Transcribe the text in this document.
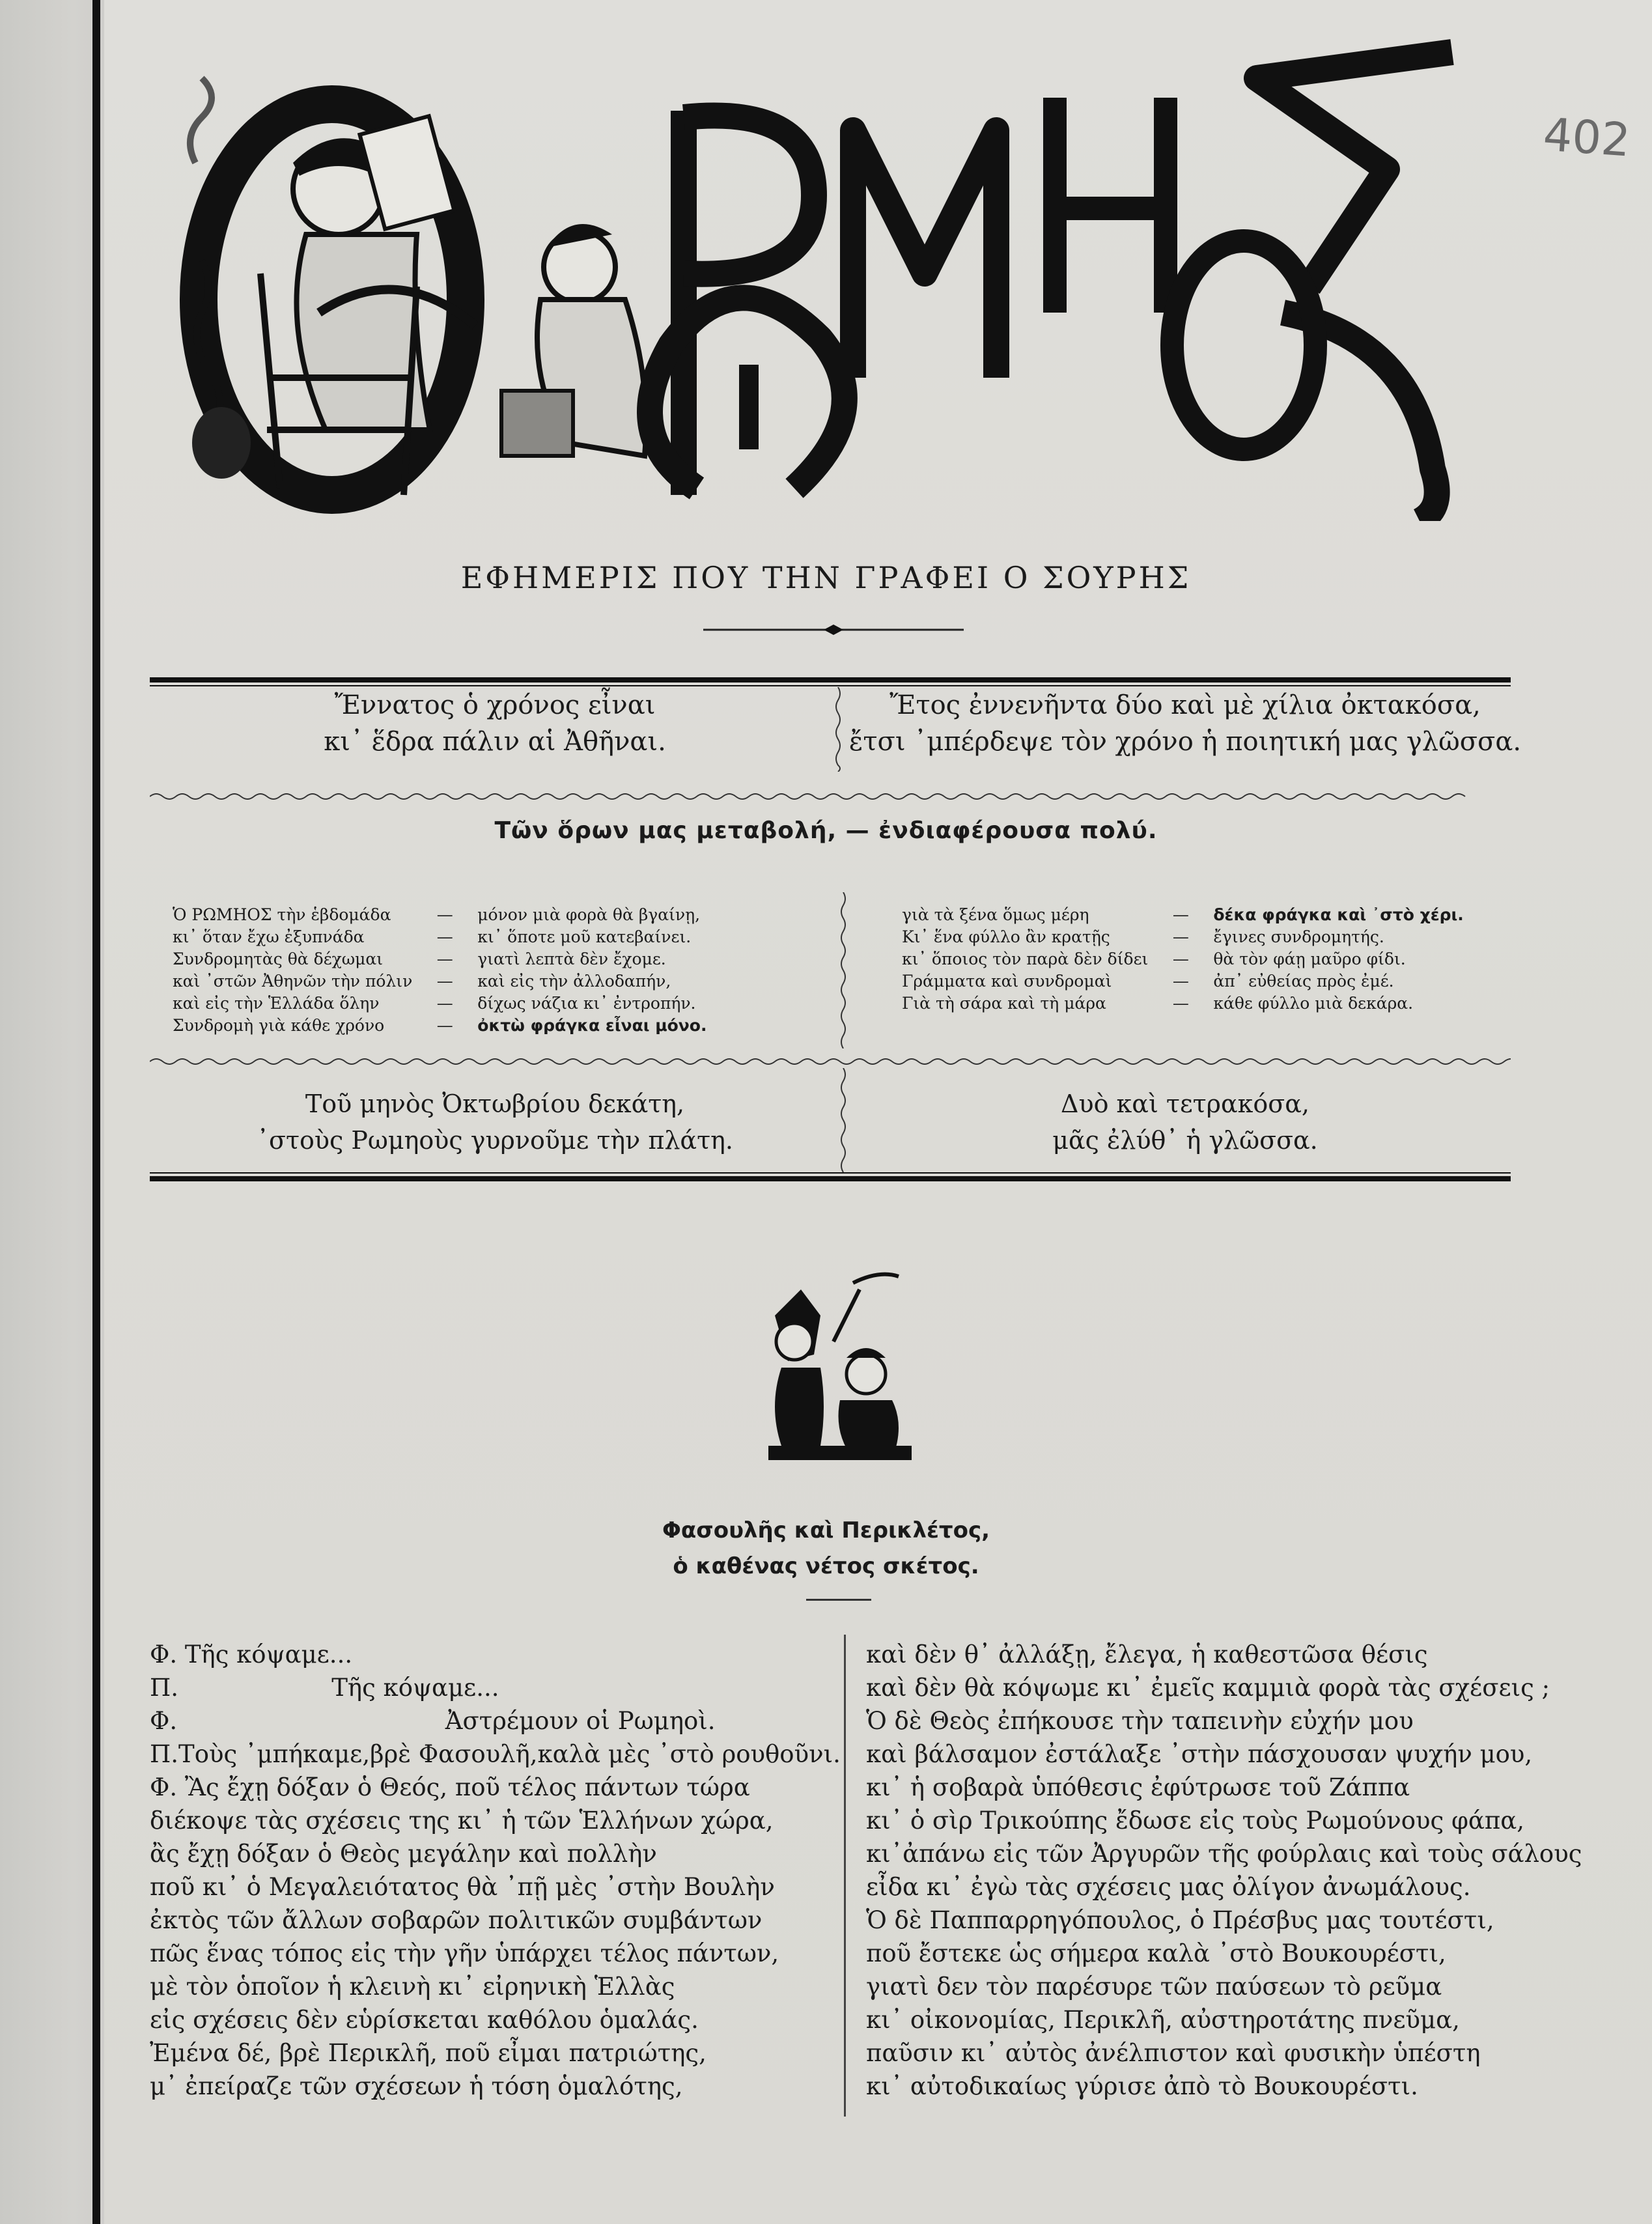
402
ΕΦΗΜΕΡΙΣ ΠΟΥ ΤΗΝ ΓΡΑΦΕΙ Ο ΣΟΥΡΗΣ
Ἔννατος ὁ χρόνος εἶναι
κι᾽ ἕδρα πάλιν αἱ Ἀθῆναι.
Ἔτος ἐννενῆντα δύο καὶ μὲ χίλια ὀκτακόσα,
ἔτσι ᾽μπέρδεψε τὸν χρόνο ἡ ποιητική μας γλῶσσα.
Τῶν ὅρων μας μεταβολή, — ἐνδιαφέρουσα πολύ.
Ὁ ΡΩΜΗΟΣ τὴν ἑβδομάδα	—	μόνον μιὰ φορὰ θὰ βγαίνῃ,
κι᾽ ὅταν ἔχω ἐξυπνάδα	—	κι᾽ ὅποτε μοῦ κατεβαίνει.
Συνδρομητὰς θὰ δέχωμαι	—	γιατὶ λεπτὰ δὲν ἔχομε.
καὶ ᾽στῶν Ἀθηνῶν τὴν πόλιν	—	καὶ εἰς τὴν ἀλλοδαπήν,
καὶ εἰς τὴν Ἑλλάδα ὅλην	—	δίχως νάζια κι᾽ ἐντροπήν.
Συνδρομὴ γιὰ κάθε χρόνο	—	ὀκτὼ φράγκα εἶναι μόνο.
γιὰ τὰ ξένα ὅμως μέρη	—	δέκα φράγκα καὶ ᾽στὸ χέρι.
Κι᾽ ἕνα φύλλο ἂν κρατῇς	—	ἔγινες συνδρομητής.
κι᾽ ὅποιος τὸν παρὰ δὲν δίδει	—	θὰ τὸν φάῃ μαῦρο φίδι.
Γράμματα καὶ συνδρομαὶ	—	ἀπ᾽ εὐθείας πρὸς ἐμέ.
Γιὰ τὴ σάρα καὶ τὴ μάρα	—	κάθε φύλλο μιὰ δεκάρα.
Τοῦ μηνὸς Ὀκτωβρίου δεκάτη,
᾽στοὺς Ρωμηοὺς γυρνοῦμε τὴν πλάτη.
Δυὸ καὶ τετρακόσα,
μᾶς ἐλύθ᾽ ἡ γλῶσσα.
Φασουλῆς καὶ Περικλέτος,
ὁ καθένας νέτος σκέτος.
Φ. Τῆς κόψαμε...
Π.                    Τῆς κόψαμε...
Φ.                                   Ἀστρέμουν οἱ Ρωμηοὶ.
Π.Τοὺς ᾽μπήκαμε,βρὲ Φασουλῆ,καλὰ μὲς ᾽στὸ ρουθοῦνι.
Φ. Ἂς ἔχῃ δόξαν ὁ Θεός, ποῦ τέλος πάντων τώρα
διέκοψε τὰς σχέσεις της κι᾽ ἡ τῶν Ἑλλήνων χώρα,
ἂς ἔχῃ δόξαν ὁ Θεὸς μεγάλην καὶ πολλὴν
ποῦ κι᾽ ὁ Μεγαλειότατος θὰ ᾽πῇ μὲς ᾽στὴν Βουλὴν
ἐκτὸς τῶν ἄλλων σοβαρῶν πολιτικῶν συμβάντων
πῶς ἕνας τόπος εἰς τὴν γῆν ὑπάρχει τέλος πάντων,
μὲ τὸν ὁποῖον ἡ κλεινὴ κι᾽ εἰρηνικὴ Ἑλλὰς
εἰς σχέσεις δὲν εὑρίσκεται καθόλου ὁμαλάς.
Ἐμένα δέ, βρὲ Περικλῆ, ποῦ εἶμαι πατριώτης,
μ᾽ ἐπείραζε τῶν σχέσεων ἡ τόση ὁμαλότης,
καὶ δὲν θ᾽ ἀλλάξῃ, ἔλεγα, ἡ καθεστῶσα θέσις
καὶ δὲν θὰ κόψωμε κι᾽ ἐμεῖς καμμιὰ φορὰ τὰς σχέσεις ;
Ὁ δὲ Θεὸς ἐπήκουσε τὴν ταπεινὴν εὐχήν μου
καὶ βάλσαμον ἐστάλαξε ᾽στὴν πάσχουσαν ψυχήν μου,
κι᾽ ἡ σοβαρὰ ὑπόθεσις ἐφύτρωσε τοῦ Ζάππα
κι᾽ ὁ σὶρ Τρικούπης ἔδωσε εἰς τοὺς Ρωμούνους φάπα,
κι᾽ἀπάνω εἰς τῶν Ἀργυρῶν τῆς φούρλαις καὶ τοὺς σάλους
εἶδα κι᾽ ἐγὼ τὰς σχέσεις μας ὀλίγον ἀνωμάλους.
Ὁ δὲ Παππαρρηγόπουλος, ὁ Πρέσβυς μας τουτέστι,
ποῦ ἔστεκε ὡς σήμερα καλὰ ᾽στὸ Βουκουρέστι,
γιατὶ δεν τὸν παρέσυρε τῶν παύσεων τὸ ρεῦμα
κι᾽ οἰκονομίας, Περικλῆ, αὐστηροτάτης πνεῦμα,
παῦσιν κι᾽ αὐτὸς ἀνέλπιστον καὶ φυσικὴν ὑπέστη
κι᾽ αὐτοδικαίως γύρισε ἀπὸ τὸ Βουκουρέστι.
